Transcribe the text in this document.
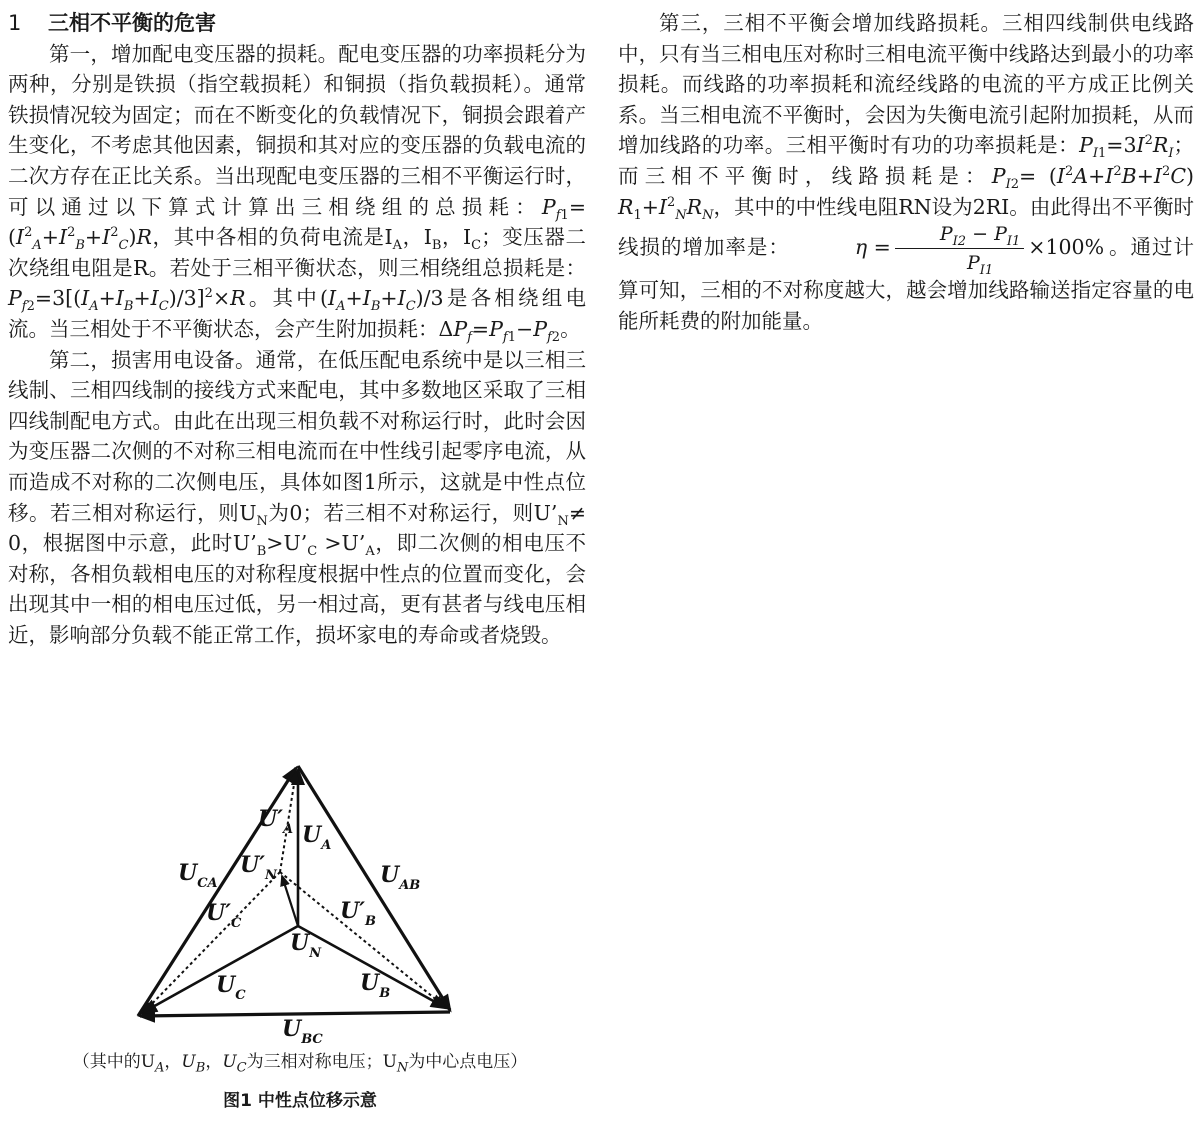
1 三相不平衡的危害

第一，增加配电变压器的损耗。配电变压器的功率损耗分为两种，分别是铁损（指空载损耗）和铜损（指负载损耗）。通常铁损情况较为固定；而在不断变化的负载情况下，铜损会跟着产生变化，不考虑其他因素，铜损和其对应的变压器的负载电流的二次方存在正比关系。当出现配电变压器的三相不平衡运行时，可以通过以下算式计算出三相绕组的总损耗：$P_{f1}=(I^2_A+I^2_B+I^2_C)R$，其中各相的负荷电流是$I_A$，$I_B$，$I_C$；变压器二次绕组电阻是R。若处于三相平衡状态，则三相绕组总损耗是：$P_{f2}=3[(I_A+I_B+I_C)/3]^2\times R$。其中$(I_A+I_B+I_C)/3$是各相绕组电流。当三相处于不平衡状态，会产生附加损耗：$\Delta P_f=P_{f1}-P_{f2}$。

第二，损害用电设备。通常，在低压配电系统中是以三相三线制、三相四线制的接线方式来配电，其中多数地区采取了三相四线制配电方式。由此在出现三相负载不对称运行时，此时会因为变压器二次侧的不对称三相电流而在中性线引起零序电流，从而造成不对称的二次侧电压，具体如图1所示，这就是中性点位移。若三相对称运行，则$U_N$为0；若三相不对称运行，则$U’_N\ne 0$，根据图中示意，此时$U’_B>U’_C$ $>U’_A$，即二次侧的相电压不对称，各相负载相电压的对称程度根据中性点的位置而变化，会出现其中一相的相电压过低，另一相过高，更有甚者与线电压相近，影响部分负载不能正常工作，损坏家电的寿命或者烧毁。

$U'_A$ $U_A$
$U_{CA}$
$U'_N$	$U_{AB}$
$U'_C$	$U'_B$
$U_N$
$U_C$	$U_B$
$U_{BC}$
（其中的$U_A$，$U_B$，$U_C$为三相对称电压；$U_N$为中心点电压）
图1 中性点位移示意

第三，三相不平衡会增加线路损耗。三相四线制供电线路中，只有当三相电压对称时三相电流平衡中线路达到最小的功率损耗。而线路的功率损耗和流经线路的电流的平方成正比例关系。当三相电流不平衡时，会因为失衡电流引起附加损耗，从而增加线路的功率。三相平衡时有功的功率损耗是：$P_{I1}=3I^2R_I$；而三相不平衡时，线路损耗是：$P_{I2}= (I^2A+I^2B+I^2C)$ $R_1+I^2_NR_N$，其中的中性线电阻RN设为2RI。由此得出不平衡时线损的增加率是：	$\eta = \frac{P_{I2} - P_{I1}}{P_{I1}} \times 100\%$ 。通过计算可知，三相的不对称度越大，越会增加线路输送指定容量的电能所耗费的附加能量。
